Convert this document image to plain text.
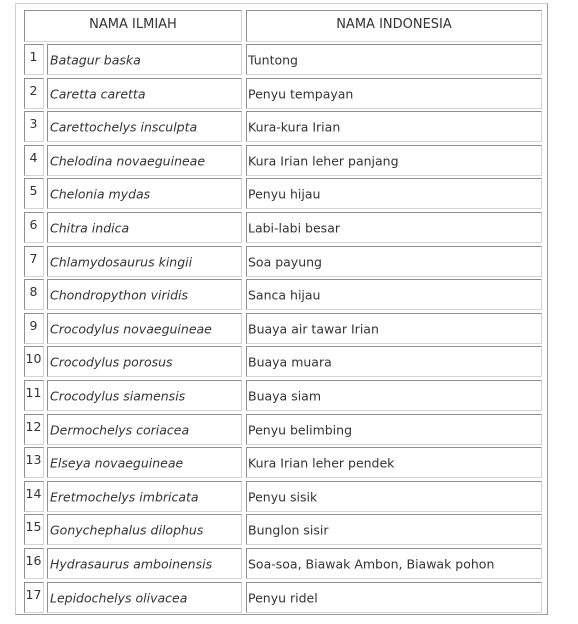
NAMA ILMIAH	NAMA INDONESIA
1	Batagur baska	Tuntong
2	Caretta caretta	Penyu tempayan
3	Carettochelys insculpta	Kura-kura Irian
4	Chelodina novaeguineae	Kura Irian leher panjang
5	Chelonia mydas	Penyu hijau
6	Chitra indica	Labi-labi besar
7	Chlamydosaurus kingii	Soa payung
8	Chondropython viridis	Sanca hijau
9	Crocodylus novaeguineae	Buaya air tawar Irian
10 Crocodylus porosus	Buaya muara
11 Crocodylus siamensis	Buaya siam
12 Dermochelys coriacea	Penyu belimbing
13 Elseya novaeguineae	Kura Irian leher pendek
14 Eretmochelys imbricata	Penyu sisik
15 Gonychephalus dilophus	Bunglon sisir
16 Hydrasaurus amboinensis	Soa-soa, Biawak Ambon, Biawak pohon
17 Lepidochelys olivacea	Penyu ridel
